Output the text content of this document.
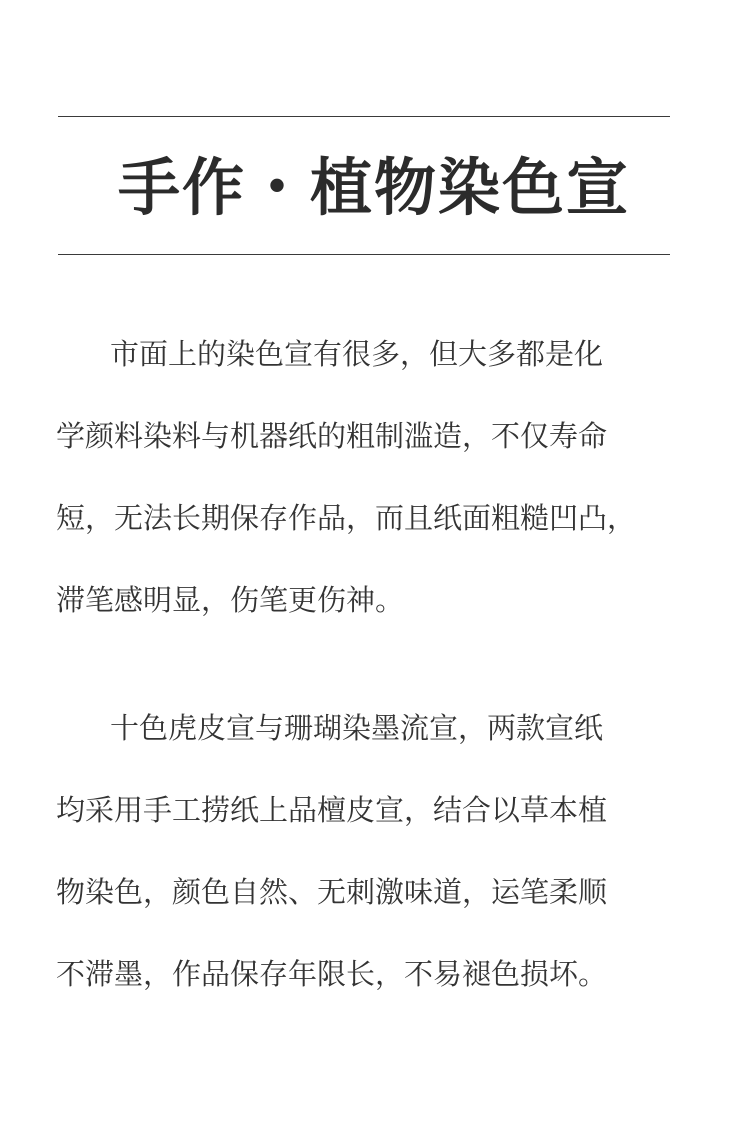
手作・植物染色宣
市面上的染色宣有很多，但大多都是化
学颜料染料与机器纸的粗制滥造，不仅寿命
短，无法长期保存作品，而且纸面粗糙凹凸，
滞笔感明显，伤笔更伤神。
十色虎皮宣与珊瑚染墨流宣，两款宣纸
均采用手工捞纸上品檀皮宣，结合以草本植
物染色，颜色自然、无刺激味道，运笔柔顺
不滞墨，作品保存年限长，不易褪色损坏。
